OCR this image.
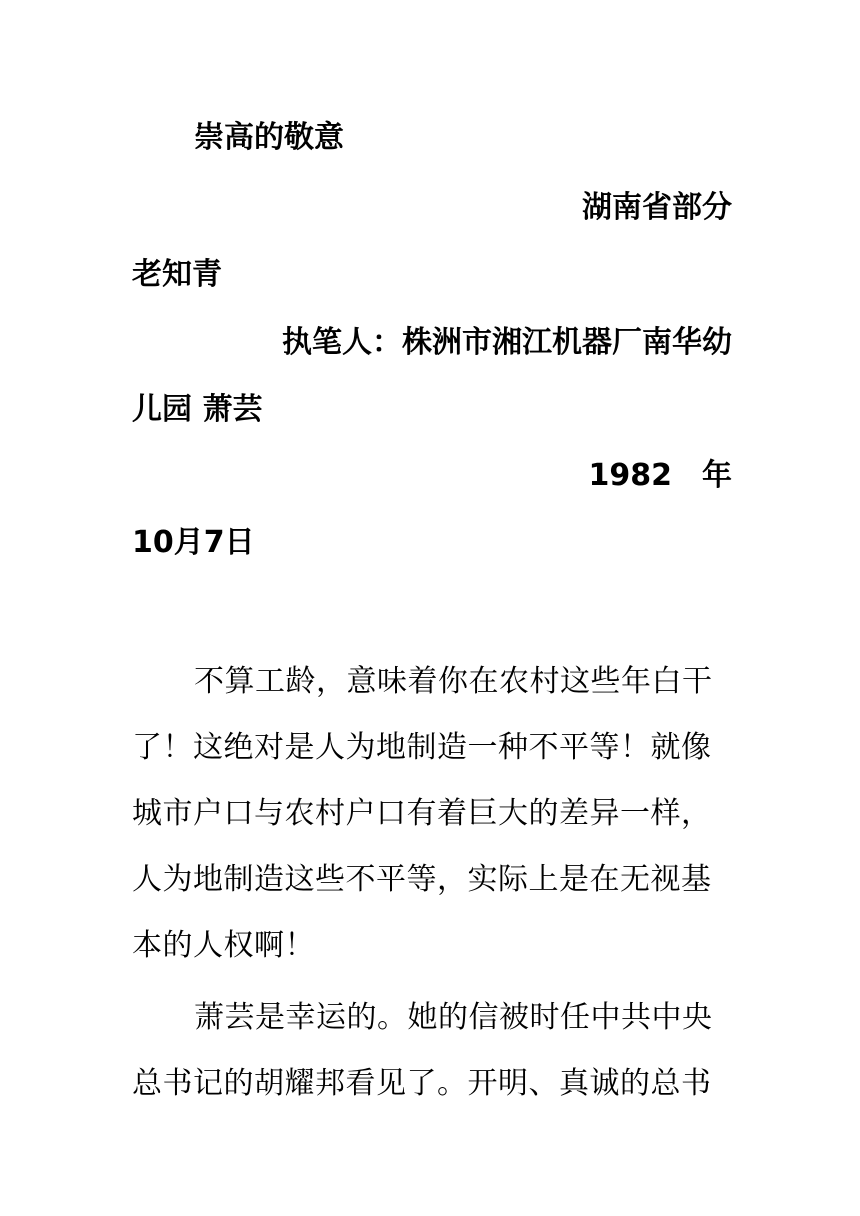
崇高的敬意
湖南省部分
老知青
执笔人：株洲市湘江机器厂南华幼
儿园 萧芸
1982　年
10月7日
不算工龄，意味着你在农村这些年白干
了！这绝对是人为地制造一种不平等！就像
城市户口与农村户口有着巨大的差异一样，
人为地制造这些不平等，实际上是在无视基
本的人权啊！
萧芸是幸运的。她的信被时任中共中央
总书记的胡耀邦看见了。开明、真诚的总书
